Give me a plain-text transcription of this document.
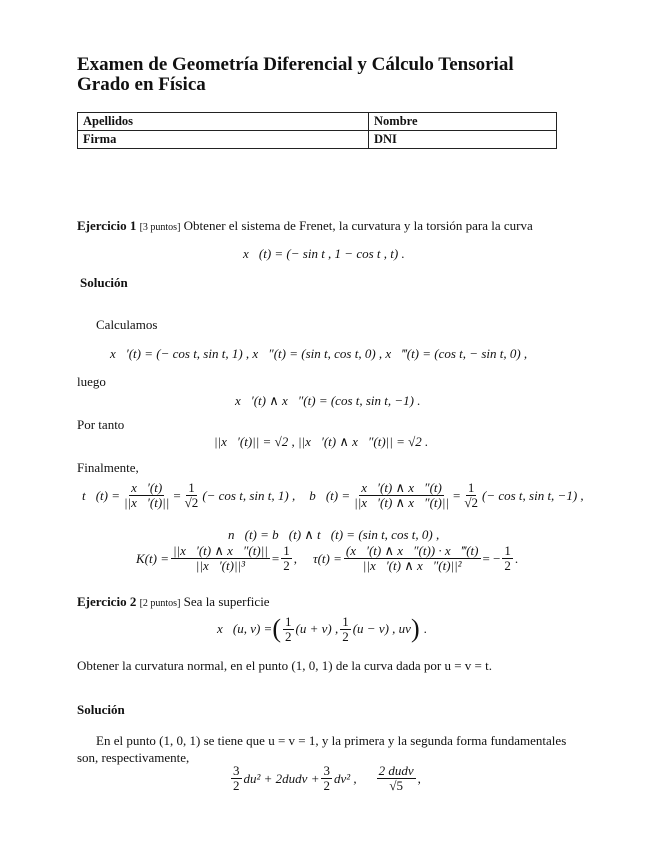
Examen de Geometría Diferencial y Cálculo Tensorial
Grado en Física
Apellidos	Nombre
Firma	DNI
Ejercicio 1 [3 puntos] Obtener el sistema de Frenet, la curvatura y la torsión para la curva
x⃗(t) = (− sin t , 1 − cos t , t) .
Solución
Calculamos
x⃗′(t) = (− cos t, sin t, 1) , x⃗″(t) = (sin t, cos t, 0) , x⃗‴(t) = (cos t, − sin t, 0) ,
luego
x⃗′(t) ∧ x⃗″(t) = (cos t, sin t, −1) .
Por tanto
||x⃗′(t)|| = √2 , ||x⃗′(t) ∧ x⃗″(t)|| = √2 .
Finalmente,
t⃗(t) = $\frac{x⃗'(t)}{||x⃗'(t)||} = \frac{1}{√2}$ (− cos t, sin t, 1) , b⃗(t) = $\frac{x⃗'(t) \wedge x⃗''(t)}{||x⃗'(t) \wedge x⃗''(t)||} = \frac{1}{√2}$ (− cos t, sin t, −1) ,
n⃗(t) = b⃗(t) ∧ t⃗(t) = (sin t, cos t, 0) ,
$K(t) = \frac{||x⃗'(t) \wedge x⃗''(t)||}{\text{||x⃗′(t)||³}} = \frac{1}{2}$ , $\tau(t) = \frac{(x⃗'(t) \wedge x⃗''(t)) \cdot x⃗‴(t)}{\text{||x⃗′(t) ∧ x⃗″(t)||²}}$ = − $\frac{1}{2}$ .
Ejercicio 2 [2 puntos] Sea la superficie
x⃗(u, v) = ( $\frac{1}{2} (u + v)$ , $\frac{1}{2} (u - v)$ , uv ) .
Obtener la curvatura normal, en el punto (1, 0, 1) de la curva dada por u = v = t.
Solución
En el punto (1, 0, 1) se tiene que u = v = 1, y la primera y la segunda forma fundamentales
son, respectivamente,
$\frac{3}{2} du^2$ + 2dudv + $\frac{3}{2} dv^2$ , $\frac{\text{2 dudv}}{√5}$ ,
